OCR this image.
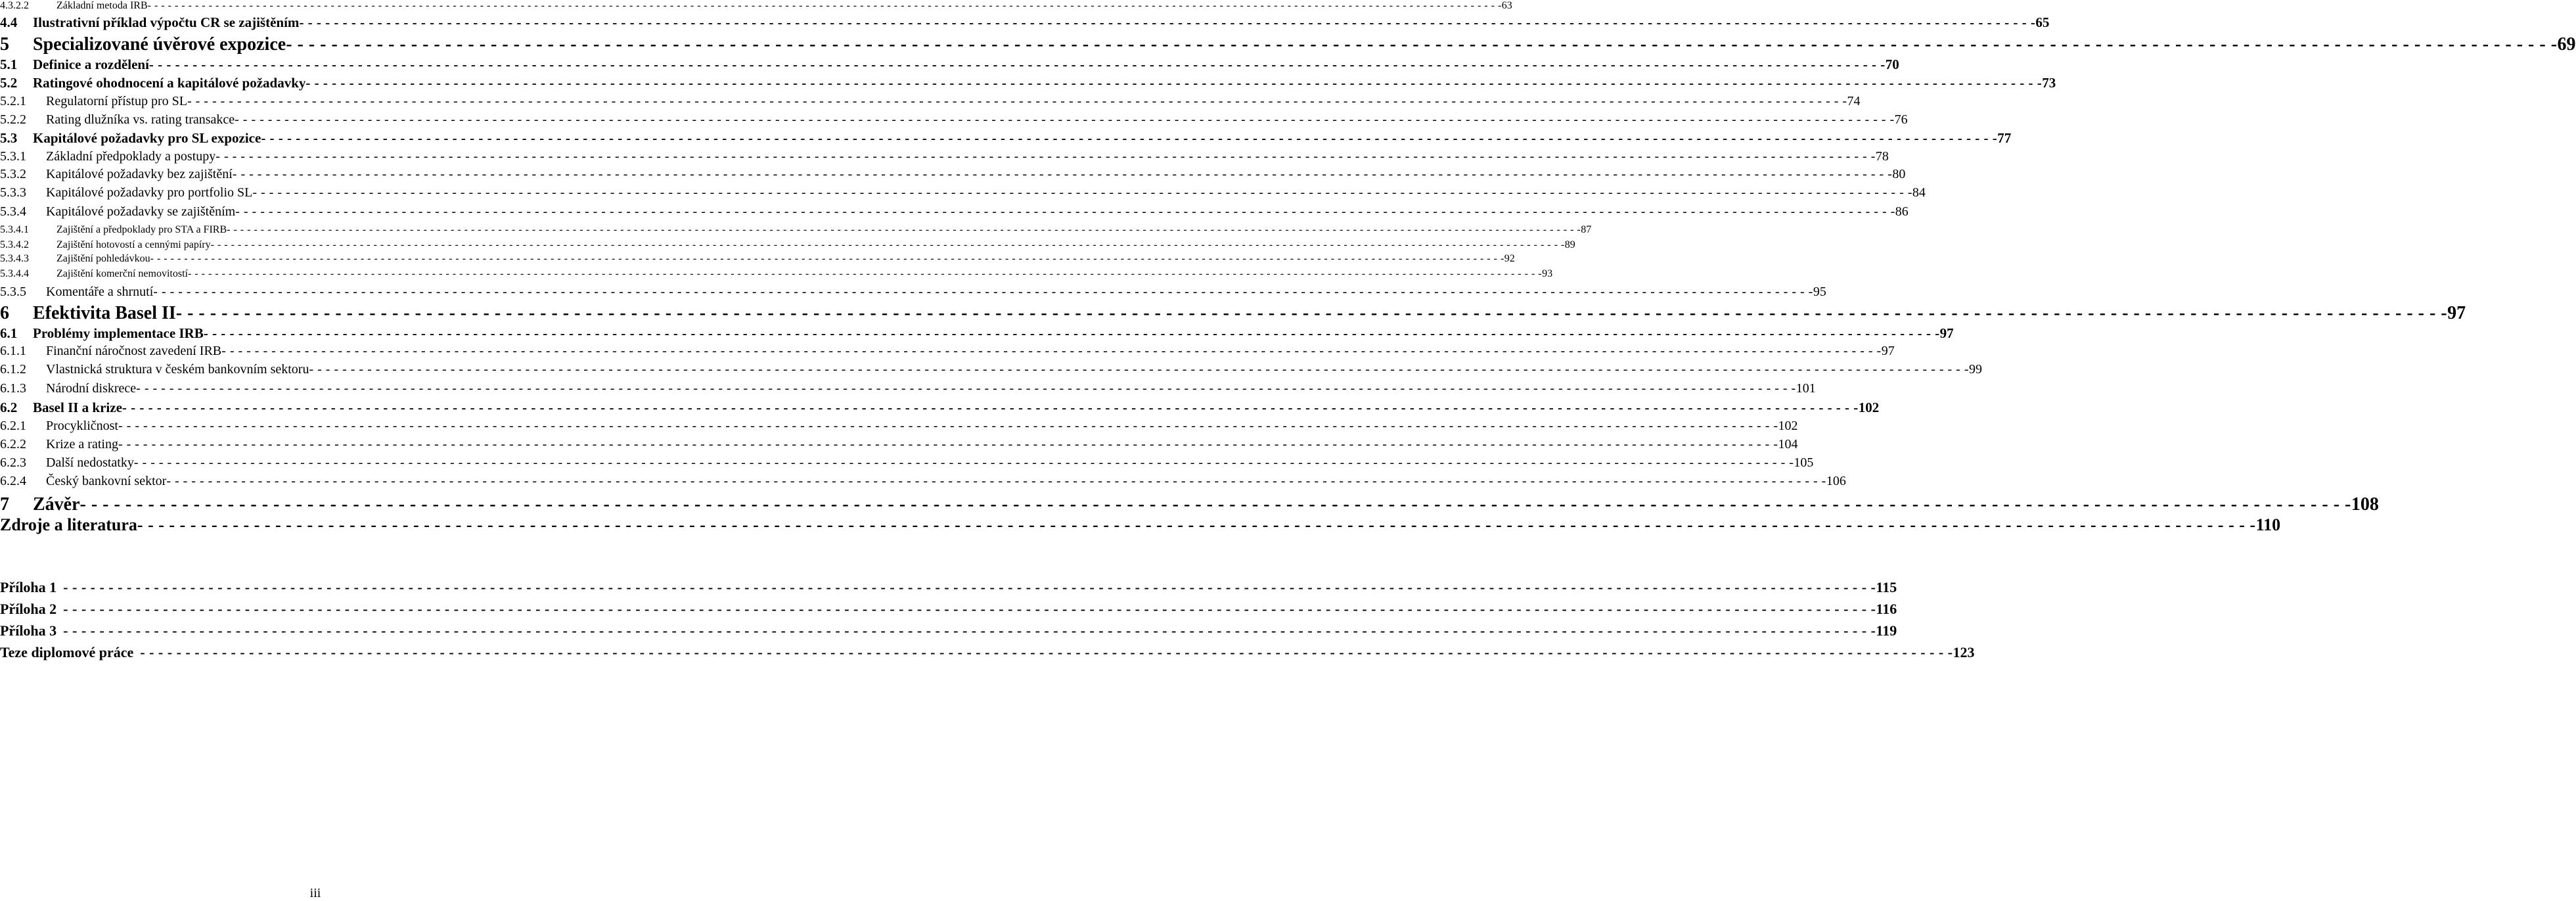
4.3.2.2	Základní metoda IRB - - - - - - - - - - - - - - - - - - - - - - - - - - - - - - - - - - - - - - - - - - - - - - - - - - - - - - - - - - - - - - - - - - - - - - - - - - - - - - - - - - - - - - - - - - - - - - - - - - - - - - - - - - - - - - - - - - - - - - - - - - - - - - - - - - - - - - - - - - - - - - - - - - - - - - - - - - - - - - - - - - - - - - - - - - - - - - - - - - - - - - - - - - - - - - - - - - - - - - - - 63
4.4	Ilustrativní příklad výpočtu CR se zajištěním - - - - - - - - - - - - - - - - - - - - - - - - - - - - - - - - - - - - - - - - - - - - - - - - - - - - - - - - - - - - - - - - - - - - - - - - - - - - - - - - - - - - - - - - - - - - - - - - - - - - - - - - - - - - - - - - - - - - - - - - - - - - - - - - - - - - - - - - - - - - - - - - - - - - - - - - - - - - - - - - - - - - - - - - - - - - - - - - - - - - - - - - - - - - - - - - - - - - - - - - 65
5	Specializované úvěrové expozice - - - - - - - - - - - - - - - - - - - - - - - - - - - - - - - - - - - - - - - - - - - - - - - - - - - - - - - - - - - - - - - - - - - - - - - - - - - - - - - - - - - - - - - - - - - - - - - - - - - - - - - - - - - - - - - - - - - - - - - - - - - - - - - - - - - - - - - - - - - - - - - - - - - - - - - - - - - - - - - - - - - - - - - - - - - - - - - - - - - - - - - - - - - - - - - - - - - - - - - - 69
5.1	Definice a rozdělení - - - - - - - - - - - - - - - - - - - - - - - - - - - - - - - - - - - - - - - - - - - - - - - - - - - - - - - - - - - - - - - - - - - - - - - - - - - - - - - - - - - - - - - - - - - - - - - - - - - - - - - - - - - - - - - - - - - - - - - - - - - - - - - - - - - - - - - - - - - - - - - - - - - - - - - - - - - - - - - - - - - - - - - - - - - - - - - - - - - - - - - - - - - - - - - - - - - - - - - - 70
5.2	Ratingové ohodnocení a kapitálové požadavky - - - - - - - - - - - - - - - - - - - - - - - - - - - - - - - - - - - - - - - - - - - - - - - - - - - - - - - - - - - - - - - - - - - - - - - - - - - - - - - - - - - - - - - - - - - - - - - - - - - - - - - - - - - - - - - - - - - - - - - - - - - - - - - - - - - - - - - - - - - - - - - - - - - - - - - - - - - - - - - - - - - - - - - - - - - - - - - - - - - - - - - - - - - - - - - - - - - - - - - - 73
5.2.1	Regulatorní přístup pro SL - - - - - - - - - - - - - - - - - - - - - - - - - - - - - - - - - - - - - - - - - - - - - - - - - - - - - - - - - - - - - - - - - - - - - - - - - - - - - - - - - - - - - - - - - - - - - - - - - - - - - - - - - - - - - - - - - - - - - - - - - - - - - - - - - - - - - - - - - - - - - - - - - - - - - - - - - - - - - - - - - - - - - - - - - - - - - - - - - - - - - - - - - - - - - - - - - - - - - - - - 74
5.2.2	Rating dlužníka vs. rating transakce - - - - - - - - - - - - - - - - - - - - - - - - - - - - - - - - - - - - - - - - - - - - - - - - - - - - - - - - - - - - - - - - - - - - - - - - - - - - - - - - - - - - - - - - - - - - - - - - - - - - - - - - - - - - - - - - - - - - - - - - - - - - - - - - - - - - - - - - - - - - - - - - - - - - - - - - - - - - - - - - - - - - - - - - - - - - - - - - - - - - - - - - - - - - - - - - - - - - - - - - 76
5.3	Kapitálové požadavky pro SL expozice - - - - - - - - - - - - - - - - - - - - - - - - - - - - - - - - - - - - - - - - - - - - - - - - - - - - - - - - - - - - - - - - - - - - - - - - - - - - - - - - - - - - - - - - - - - - - - - - - - - - - - - - - - - - - - - - - - - - - - - - - - - - - - - - - - - - - - - - - - - - - - - - - - - - - - - - - - - - - - - - - - - - - - - - - - - - - - - - - - - - - - - - - - - - - - - - - - - - - - - - 77
5.3.1	Základní předpoklady a postupy - - - - - - - - - - - - - - - - - - - - - - - - - - - - - - - - - - - - - - - - - - - - - - - - - - - - - - - - - - - - - - - - - - - - - - - - - - - - - - - - - - - - - - - - - - - - - - - - - - - - - - - - - - - - - - - - - - - - - - - - - - - - - - - - - - - - - - - - - - - - - - - - - - - - - - - - - - - - - - - - - - - - - - - - - - - - - - - - - - - - - - - - - - - - - - - - - - - - - - - - 78
5.3.2	Kapitálové požadavky bez zajištění - - - - - - - - - - - - - - - - - - - - - - - - - - - - - - - - - - - - - - - - - - - - - - - - - - - - - - - - - - - - - - - - - - - - - - - - - - - - - - - - - - - - - - - - - - - - - - - - - - - - - - - - - - - - - - - - - - - - - - - - - - - - - - - - - - - - - - - - - - - - - - - - - - - - - - - - - - - - - - - - - - - - - - - - - - - - - - - - - - - - - - - - - - - - - - - - - - - - - - - - 80
5.3.3	Kapitálové požadavky pro portfolio SL - - - - - - - - - - - - - - - - - - - - - - - - - - - - - - - - - - - - - - - - - - - - - - - - - - - - - - - - - - - - - - - - - - - - - - - - - - - - - - - - - - - - - - - - - - - - - - - - - - - - - - - - - - - - - - - - - - - - - - - - - - - - - - - - - - - - - - - - - - - - - - - - - - - - - - - - - - - - - - - - - - - - - - - - - - - - - - - - - - - - - - - - - - - - - - - - - - - - - - - - 84
5.3.4	Kapitálové požadavky se zajištěním - - - - - - - - - - - - - - - - - - - - - - - - - - - - - - - - - - - - - - - - - - - - - - - - - - - - - - - - - - - - - - - - - - - - - - - - - - - - - - - - - - - - - - - - - - - - - - - - - - - - - - - - - - - - - - - - - - - - - - - - - - - - - - - - - - - - - - - - - - - - - - - - - - - - - - - - - - - - - - - - - - - - - - - - - - - - - - - - - - - - - - - - - - - - - - - - - - - - - - - - 86
5.3.4.1	Zajištění a předpoklady pro STA a FIRB - - - - - - - - - - - - - - - - - - - - - - - - - - - - - - - - - - - - - - - - - - - - - - - - - - - - - - - - - - - - - - - - - - - - - - - - - - - - - - - - - - - - - - - - - - - - - - - - - - - - - - - - - - - - - - - - - - - - - - - - - - - - - - - - - - - - - - - - - - - - - - - - - - - - - - - - - - - - - - - - - - - - - - - - - - - - - - - - - - - - - - - - - - - - - - - - - - - - - - - - 87
5.3.4.2	Zajištění hotovostí a cennými papíry - - - - - - - - - - - - - - - - - - - - - - - - - - - - - - - - - - - - - - - - - - - - - - - - - - - - - - - - - - - - - - - - - - - - - - - - - - - - - - - - - - - - - - - - - - - - - - - - - - - - - - - - - - - - - - - - - - - - - - - - - - - - - - - - - - - - - - - - - - - - - - - - - - - - - - - - - - - - - - - - - - - - - - - - - - - - - - - - - - - - - - - - - - - - - - - - - - - - - - - - 89
5.3.4.3	Zajištění pohledávkou - - - - - - - - - - - - - - - - - - - - - - - - - - - - - - - - - - - - - - - - - - - - - - - - - - - - - - - - - - - - - - - - - - - - - - - - - - - - - - - - - - - - - - - - - - - - - - - - - - - - - - - - - - - - - - - - - - - - - - - - - - - - - - - - - - - - - - - - - - - - - - - - - - - - - - - - - - - - - - - - - - - - - - - - - - - - - - - - - - - - - - - - - - - - - - - - - - - - - - - - 92
5.3.4.4	Zajištění komerční nemovitostí - - - - - - - - - - - - - - - - - - - - - - - - - - - - - - - - - - - - - - - - - - - - - - - - - - - - - - - - - - - - - - - - - - - - - - - - - - - - - - - - - - - - - - - - - - - - - - - - - - - - - - - - - - - - - - - - - - - - - - - - - - - - - - - - - - - - - - - - - - - - - - - - - - - - - - - - - - - - - - - - - - - - - - - - - - - - - - - - - - - - - - - - - - - - - - - - - - - - - - - - 93
5.3.5	Komentáře a shrnutí - - - - - - - - - - - - - - - - - - - - - - - - - - - - - - - - - - - - - - - - - - - - - - - - - - - - - - - - - - - - - - - - - - - - - - - - - - - - - - - - - - - - - - - - - - - - - - - - - - - - - - - - - - - - - - - - - - - - - - - - - - - - - - - - - - - - - - - - - - - - - - - - - - - - - - - - - - - - - - - - - - - - - - - - - - - - - - - - - - - - - - - - - - - - - - - - - - - - - - - - 95
6	Efektivita Basel II - - - - - - - - - - - - - - - - - - - - - - - - - - - - - - - - - - - - - - - - - - - - - - - - - - - - - - - - - - - - - - - - - - - - - - - - - - - - - - - - - - - - - - - - - - - - - - - - - - - - - - - - - - - - - - - - - - - - - - - - - - - - - - - - - - - - - - - - - - - - - - - - - - - - - - - - - - - - - - - - - - - - - - - - - - - - - - - - - - - - - - - - - - - - - - - - - - - - - - - - 97
6.1	Problémy implementace IRB - - - - - - - - - - - - - - - - - - - - - - - - - - - - - - - - - - - - - - - - - - - - - - - - - - - - - - - - - - - - - - - - - - - - - - - - - - - - - - - - - - - - - - - - - - - - - - - - - - - - - - - - - - - - - - - - - - - - - - - - - - - - - - - - - - - - - - - - - - - - - - - - - - - - - - - - - - - - - - - - - - - - - - - - - - - - - - - - - - - - - - - - - - - - - - - - - - - - - - - - 97
6.1.1	Finanční náročnost zavedení IRB - - - - - - - - - - - - - - - - - - - - - - - - - - - - - - - - - - - - - - - - - - - - - - - - - - - - - - - - - - - - - - - - - - - - - - - - - - - - - - - - - - - - - - - - - - - - - - - - - - - - - - - - - - - - - - - - - - - - - - - - - - - - - - - - - - - - - - - - - - - - - - - - - - - - - - - - - - - - - - - - - - - - - - - - - - - - - - - - - - - - - - - - - - - - - - - - - - - - - - - - 97
6.1.2	Vlastnická struktura v českém bankovním sektoru - - - - - - - - - - - - - - - - - - - - - - - - - - - - - - - - - - - - - - - - - - - - - - - - - - - - - - - - - - - - - - - - - - - - - - - - - - - - - - - - - - - - - - - - - - - - - - - - - - - - - - - - - - - - - - - - - - - - - - - - - - - - - - - - - - - - - - - - - - - - - - - - - - - - - - - - - - - - - - - - - - - - - - - - - - - - - - - - - - - - - - - - - - - - - - - - - - - - - - - - 99
6.1.3	Národní diskrece - - - - - - - - - - - - - - - - - - - - - - - - - - - - - - - - - - - - - - - - - - - - - - - - - - - - - - - - - - - - - - - - - - - - - - - - - - - - - - - - - - - - - - - - - - - - - - - - - - - - - - - - - - - - - - - - - - - - - - - - - - - - - - - - - - - - - - - - - - - - - - - - - - - - - - - - - - - - - - - - - - - - - - - - - - - - - - - - - - - - - - - - - - - - - - - - - - - - - - - - 101
6.2	Basel II a krize - - - - - - - - - - - - - - - - - - - - - - - - - - - - - - - - - - - - - - - - - - - - - - - - - - - - - - - - - - - - - - - - - - - - - - - - - - - - - - - - - - - - - - - - - - - - - - - - - - - - - - - - - - - - - - - - - - - - - - - - - - - - - - - - - - - - - - - - - - - - - - - - - - - - - - - - - - - - - - - - - - - - - - - - - - - - - - - - - - - - - - - - - - - - - - - - - - - - - - - - 102
6.2.1	Procykličnost - - - - - - - - - - - - - - - - - - - - - - - - - - - - - - - - - - - - - - - - - - - - - - - - - - - - - - - - - - - - - - - - - - - - - - - - - - - - - - - - - - - - - - - - - - - - - - - - - - - - - - - - - - - - - - - - - - - - - - - - - - - - - - - - - - - - - - - - - - - - - - - - - - - - - - - - - - - - - - - - - - - - - - - - - - - - - - - - - - - - - - - - - - - - - - - - - - - - - - - - 102
6.2.2	Krize a rating - - - - - - - - - - - - - - - - - - - - - - - - - - - - - - - - - - - - - - - - - - - - - - - - - - - - - - - - - - - - - - - - - - - - - - - - - - - - - - - - - - - - - - - - - - - - - - - - - - - - - - - - - - - - - - - - - - - - - - - - - - - - - - - - - - - - - - - - - - - - - - - - - - - - - - - - - - - - - - - - - - - - - - - - - - - - - - - - - - - - - - - - - - - - - - - - - - - - - - - - 104
6.2.3	Další nedostatky - - - - - - - - - - - - - - - - - - - - - - - - - - - - - - - - - - - - - - - - - - - - - - - - - - - - - - - - - - - - - - - - - - - - - - - - - - - - - - - - - - - - - - - - - - - - - - - - - - - - - - - - - - - - - - - - - - - - - - - - - - - - - - - - - - - - - - - - - - - - - - - - - - - - - - - - - - - - - - - - - - - - - - - - - - - - - - - - - - - - - - - - - - - - - - - - - - - - - - - - 105
6.2.4	Český bankovní sektor - - - - - - - - - - - - - - - - - - - - - - - - - - - - - - - - - - - - - - - - - - - - - - - - - - - - - - - - - - - - - - - - - - - - - - - - - - - - - - - - - - - - - - - - - - - - - - - - - - - - - - - - - - - - - - - - - - - - - - - - - - - - - - - - - - - - - - - - - - - - - - - - - - - - - - - - - - - - - - - - - - - - - - - - - - - - - - - - - - - - - - - - - - - - - - - - - - - - - - - - 106
7	Závěr - - - - - - - - - - - - - - - - - - - - - - - - - - - - - - - - - - - - - - - - - - - - - - - - - - - - - - - - - - - - - - - - - - - - - - - - - - - - - - - - - - - - - - - - - - - - - - - - - - - - - - - - - - - - - - - - - - - - - - - - - - - - - - - - - - - - - - - - - - - - - - - - - - - - - - - - - - - - - - - - - - - - - - - - - - - - - - - - - - - - - - - - - - - - - - - - - - - - - - - - 108
Zdroje a literatura - - - - - - - - - - - - - - - - - - - - - - - - - - - - - - - - - - - - - - - - - - - - - - - - - - - - - - - - - - - - - - - - - - - - - - - - - - - - - - - - - - - - - - - - - - - - - - - - - - - - - - - - - - - - - - - - - - - - - - - - - - - - - - - - - - - - - - - - - - - - - - - - - - - - - - - - - - - - - - - - - - - - - - - - - - - - - - - - - - - - - - - - - - - - - - - - - - - - - - - - 110
Příloha 1 - - - - - - - - - - - - - - - - - - - - - - - - - - - - - - - - - - - - - - - - - - - - - - - - - - - - - - - - - - - - - - - - - - - - - - - - - - - - - - - - - - - - - - - - - - - - - - - - - - - - - - - - - - - - - - - - - - - - - - - - - - - - - - - - - - - - - - - - - - - - - - - - - - - - - - - - - - - - - - - - - - - - - - - - - - - - - - - - - - - - - - - - - - - - - - - - - - - - - - - - 115
Příloha 2 - - - - - - - - - - - - - - - - - - - - - - - - - - - - - - - - - - - - - - - - - - - - - - - - - - - - - - - - - - - - - - - - - - - - - - - - - - - - - - - - - - - - - - - - - - - - - - - - - - - - - - - - - - - - - - - - - - - - - - - - - - - - - - - - - - - - - - - - - - - - - - - - - - - - - - - - - - - - - - - - - - - - - - - - - - - - - - - - - - - - - - - - - - - - - - - - - - - - - - - - 116
Příloha 3 - - - - - - - - - - - - - - - - - - - - - - - - - - - - - - - - - - - - - - - - - - - - - - - - - - - - - - - - - - - - - - - - - - - - - - - - - - - - - - - - - - - - - - - - - - - - - - - - - - - - - - - - - - - - - - - - - - - - - - - - - - - - - - - - - - - - - - - - - - - - - - - - - - - - - - - - - - - - - - - - - - - - - - - - - - - - - - - - - - - - - - - - - - - - - - - - - - - - - - - - 119
Teze diplomové práce - - - - - - - - - - - - - - - - - - - - - - - - - - - - - - - - - - - - - - - - - - - - - - - - - - - - - - - - - - - - - - - - - - - - - - - - - - - - - - - - - - - - - - - - - - - - - - - - - - - - - - - - - - - - - - - - - - - - - - - - - - - - - - - - - - - - - - - - - - - - - - - - - - - - - - - - - - - - - - - - - - - - - - - - - - - - - - - - - - - - - - - - - - - - - - - - - - - - - - - - 123
iii
